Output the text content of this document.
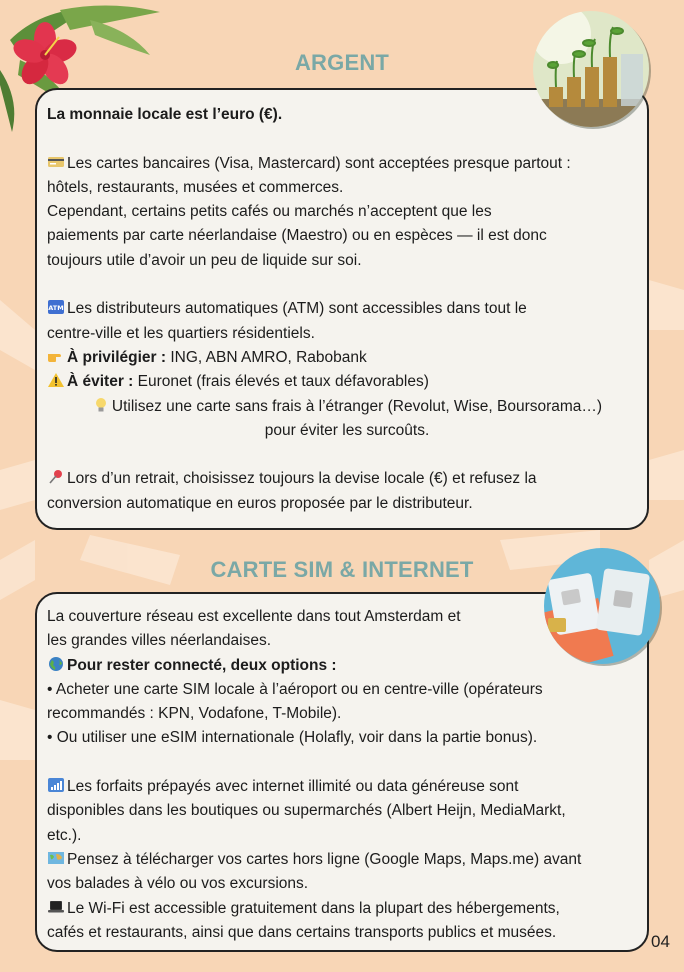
ARGENT

La monnaie locale est l’euro (€).

Les cartes bancaires (Visa, Mastercard) sont acceptées presque partout :
hôtels, restaurants, musées et commerces.
Cependant, certains petits cafés ou marchés n’acceptent que les
paiements par carte néerlandaise (Maestro) ou en espèces — il est donc
toujours utile d’avoir un peu de liquide sur soi.

ATM Les distributeurs automatiques (ATM) sont accessibles dans tout le
centre-ville et les quartiers résidentiels.
À privilégier : ING, ABN AMRO, Rabobank
À éviter : Euronet (frais élevés et taux défavorables)

Utilisez une carte sans frais à l’étranger (Revolut, Wise, Boursorama…)
pour éviter les surcoûts.

Lors d’un retrait, choisissez toujours la devise locale (€) et refusez la
conversion automatique en euros proposée par le distributeur.

CARTE SIM & INTERNET

La couverture réseau est excellente dans tout Amsterdam et
les grandes villes néerlandaises.
Pour rester connecté, deux options :
• Acheter une carte SIM locale à l’aéroport ou en centre-ville (opérateurs
recommandés : KPN, Vodafone, T-Mobile).
• Ou utiliser une eSIM internationale (Holafly, voir dans la partie bonus).

Les forfaits prépayés avec internet illimité ou data généreuse sont
disponibles dans les boutiques ou supermarchés (Albert Heijn, MediaMarkt,
etc.).
Pensez à télécharger vos cartes hors ligne (Google Maps, Maps.me) avant
vos balades à vélo ou vos excursions.
Le Wi-Fi est accessible gratuitement dans la plupart des hébergements,
cafés et restaurants, ainsi que dans certains transports publics et musées.	04
